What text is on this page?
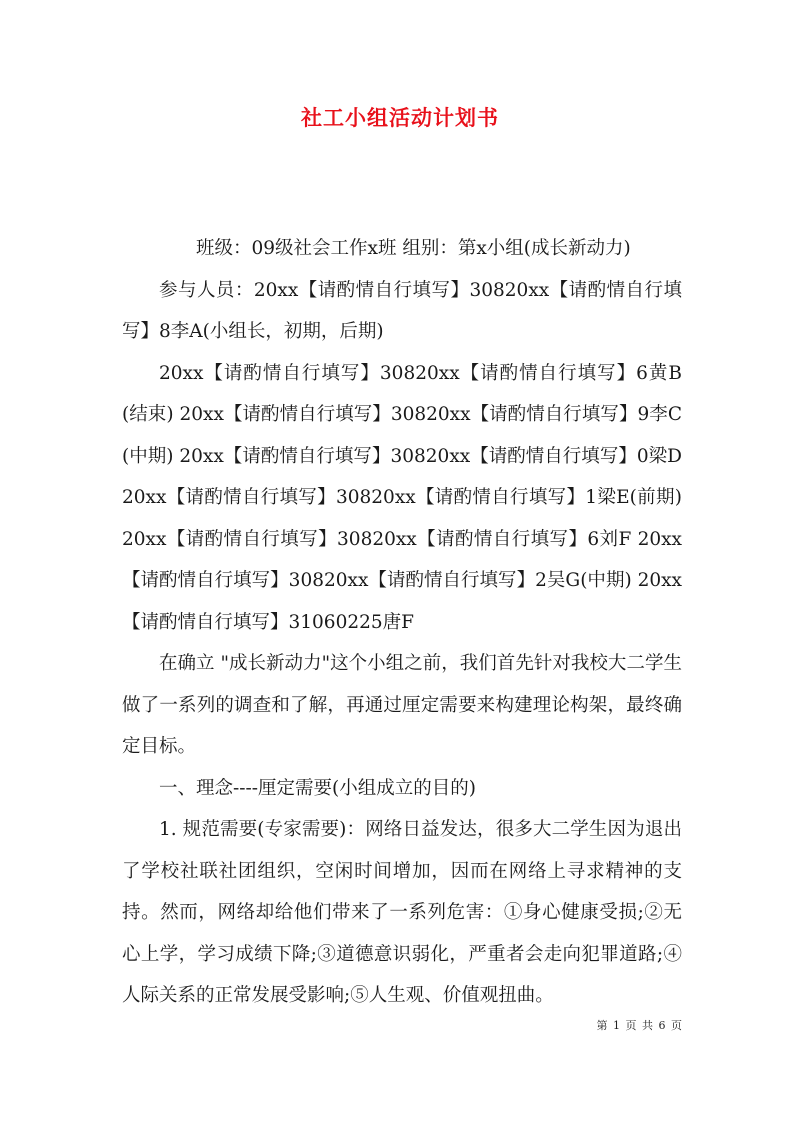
社工小组活动计划书

班级：09级社会工作x班 组别：第x小组(成长新动力)

参与人员：20xx【请酌情自行填写】30820xx【请酌情自行填写】8李A(小组长，初期，后期)

20xx【请酌情自行填写】30820xx【请酌情自行填写】6黄B(结束) 20xx【请酌情自行填写】30820xx【请酌情自行填写】9李C(中期) 20xx【请酌情自行填写】30820xx【请酌情自行填写】0梁D 20xx【请酌情自行填写】30820xx【请酌情自行填写】1梁E(前期) 20xx【请酌情自行填写】30820xx【请酌情自行填写】6刘F 20xx【请酌情自行填写】30820xx【请酌情自行填写】2吴G(中期) 20xx【请酌情自行填写】31060225唐F

在确立 "成长新动力"这个小组之前，我们首先针对我校大二学生做了一系列的调查和了解，再通过厘定需要来构建理论构架，最终确定目标。

一、理念----厘定需要(小组成立的目的)

1. 规范需要(专家需要)：网络日益发达，很多大二学生因为退出了学校社联社团组织，空闲时间增加，因而在网络上寻求精神的支持。然而，网络却给他们带来了一系列危害：①身心健康受损;②无心上学，学习成绩下降;③道德意识弱化，严重者会走向犯罪道路;④人际关系的正常发展受影响;⑤人生观、价值观扭曲。

第 1 页 共 6 页
